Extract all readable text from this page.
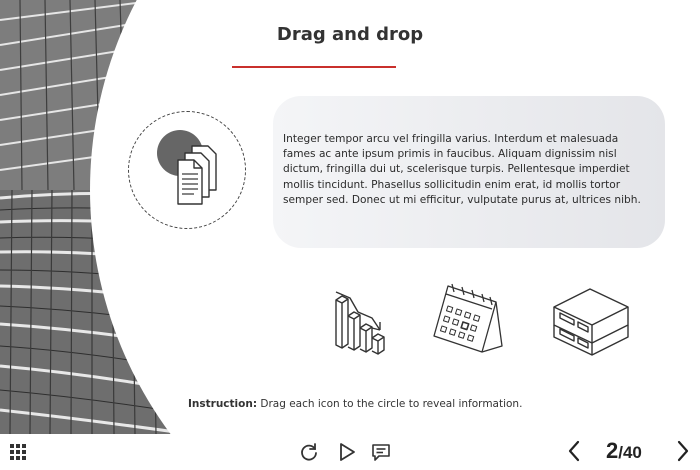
Drag and drop
Integer tempor arcu vel fringilla varius. Interdum et malesuada fames ac ante ipsum primis in faucibus. Aliquam dignissim nisl dictum, fringilla dui ut, scelerisque turpis. Pellentesque imperdiet mollis tincidunt. Phasellus sollicitudin enim erat, id mollis tortor semper sed. Donec ut mi efficitur, vulputate purus at, ultrices nibh.
Instruction: Drag each icon to the circle to reveal information.
2/40
